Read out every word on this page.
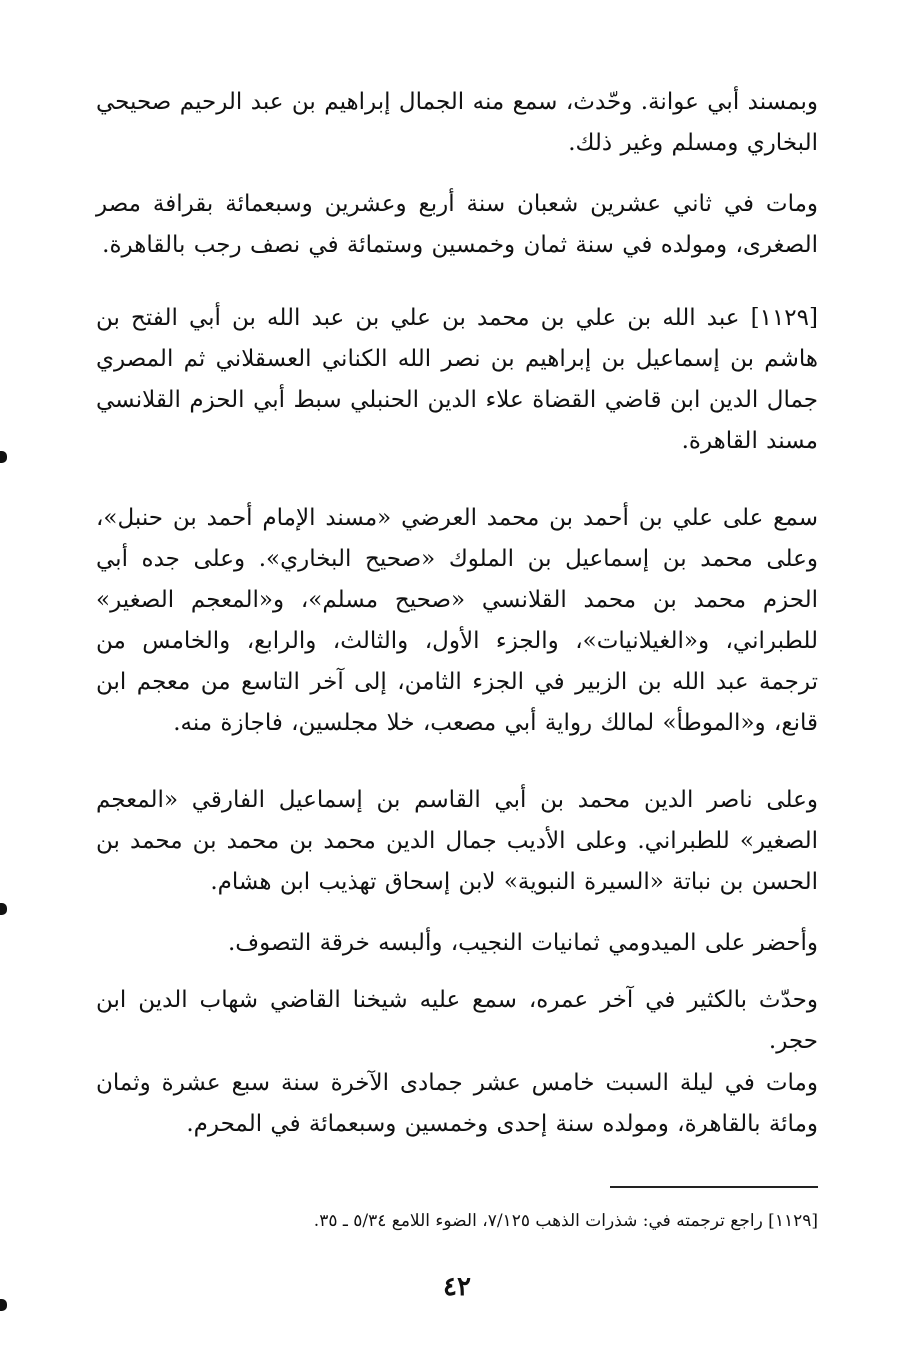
وبمسند أبي عوانة. وحّدث، سمع منه الجمال إبراهيم بن عبد الرحيم صحيحي البخاري ومسلم وغير ذلك.

ومات في ثاني عشرين شعبان سنة أربع وعشرين وسبعمائة بقرافة مصر الصغرى، ومولده في سنة ثمان وخمسين وستمائة في نصف رجب بالقاهرة.

[١١٢٩] عبد الله بن علي بن محمد بن علي بن عبد الله بن أبي الفتح بن هاشم بن إسماعيل بن إبراهيم بن نصر الله الكناني العسقلاني ثم المصري جمال الدين ابن قاضي القضاة علاء الدين الحنبلي سبط أبي الحزم القلانسي مسند القاهرة.

سمع على علي بن أحمد بن محمد العرضي «مسند الإمام أحمد بن حنبل»، وعلى محمد بن إسماعيل بن الملوك «صحيح البخاري». وعلى جده أبي الحزم محمد بن محمد القلانسي «صحيح مسلم»، و«المعجم الصغير» للطبراني، و«الغيلانيات»، والجزء الأول، والثالث، والرابع، والخامس من ترجمة عبد الله بن الزبير في الجزء الثامن، إلى آخر التاسع من معجم ابن قانع، و«الموطأ» لمالك رواية أبي مصعب، خلا مجلسين، فاجازة منه.

وعلى ناصر الدين محمد بن أبي القاسم بن إسماعيل الفارقي «المعجم الصغير» للطبراني. وعلى الأديب جمال الدين محمد بن محمد بن محمد بن الحسن بن نباتة «السيرة النبوية» لابن إسحاق تهذيب ابن هشام.

وأحضر على الميدومي ثمانيات النجيب، وألبسه خرقة التصوف.

وحدّث بالكثير في آخر عمره، سمع عليه شيخنا القاضي شهاب الدين ابن حجر.

ومات في ليلة السبت خامس عشر جمادى الآخرة سنة سبع عشرة وثمان ومائة بالقاهرة، ومولده سنة إحدى وخمسين وسبعمائة في المحرم.

[١١٢٩] راجع ترجمته في: شذرات الذهب ٧/١٢٥، الضوء اللامع ٥/٣٤ ـ ٣٥.

٤٢
